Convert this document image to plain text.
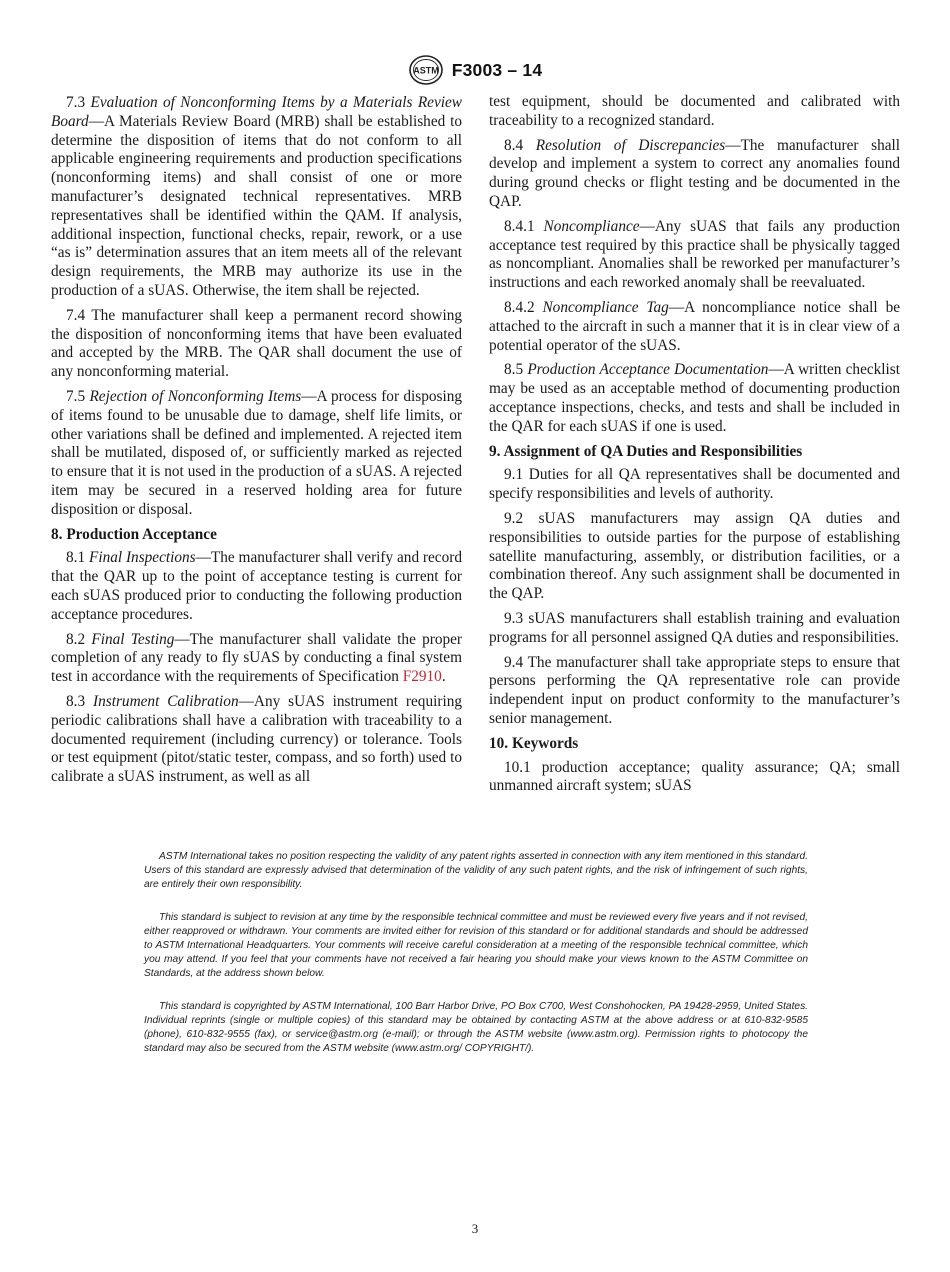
ASTM F3003 – 14

7.3 Evaluation of Nonconforming Items by a Materials Review Board—A Materials Review Board (MRB) shall be established to determine the disposition of items that do not conform to all applicable engineering requirements and production specifications (nonconforming items) and shall consist of one or more manufacturer’s designated technical representatives. MRB representatives shall be identified within the QAM. If analysis, additional inspection, functional checks, repair, rework, or a use “as is” determination assures that an item meets all of the relevant design requirements, the MRB may authorize its use in the production of a sUAS. Otherwise, the item shall be rejected.

7.4 The manufacturer shall keep a permanent record showing the disposition of nonconforming items that have been evaluated and accepted by the MRB. The QAR shall document the use of any nonconforming material.

7.5 Rejection of Nonconforming Items—A process for disposing of items found to be unusable due to damage, shelf life limits, or other variations shall be defined and implemented. A rejected item shall be mutilated, disposed of, or sufficiently marked as rejected to ensure that it is not used in the production of a sUAS. A rejected item may be secured in a reserved holding area for future disposition or disposal.

8. Production Acceptance

8.1 Final Inspections—The manufacturer shall verify and record that the QAR up to the point of acceptance testing is current for each sUAS produced prior to conducting the following production acceptance procedures.

8.2 Final Testing—The manufacturer shall validate the proper completion of any ready to fly sUAS by conducting a final system test in accordance with the requirements of Specification F2910.

8.3 Instrument Calibration—Any sUAS instrument requiring periodic calibrations shall have a calibration with traceability to a documented requirement (including currency) or tolerance. Tools or test equipment (pitot/static tester, compass, and so forth) used to calibrate a sUAS instrument, as well as all

test equipment, should be documented and calibrated with traceability to a recognized standard.

8.4 Resolution of Discrepancies—The manufacturer shall develop and implement a system to correct any anomalies found during ground checks or flight testing and be documented in the QAP.

8.4.1 Noncompliance—Any sUAS that fails any production acceptance test required by this practice shall be physically tagged as noncompliant. Anomalies shall be reworked per manufacturer’s instructions and each reworked anomaly shall be reevaluated.

8.4.2 Noncompliance Tag—A noncompliance notice shall be attached to the aircraft in such a manner that it is in clear view of a potential operator of the sUAS.

8.5 Production Acceptance Documentation—A written checklist may be used as an acceptable method of documenting production acceptance inspections, checks, and tests and shall be included in the QAR for each sUAS if one is used.

9. Assignment of QA Duties and Responsibilities

9.1 Duties for all QA representatives shall be documented and specify responsibilities and levels of authority.

9.2 sUAS manufacturers may assign QA duties and responsibilities to outside parties for the purpose of establishing satellite manufacturing, assembly, or distribution facilities, or a combination thereof. Any such assignment shall be documented in the QAP.

9.3 sUAS manufacturers shall establish training and evaluation programs for all personnel assigned QA duties and responsibilities.

9.4 The manufacturer shall take appropriate steps to ensure that persons performing the QA representative role can provide independent input on product conformity to the manufacturer’s senior management.

10. Keywords

10.1 production acceptance; quality assurance; QA; small unmanned aircraft system; sUAS

ASTM International takes no position respecting the validity of any patent rights asserted in connection with any item mentioned in this standard. Users of this standard are expressly advised that determination of the validity of any such patent rights, and the risk of infringement of such rights, are entirely their own responsibility.

This standard is subject to revision at any time by the responsible technical committee and must be reviewed every five years and if not revised, either reapproved or withdrawn. Your comments are invited either for revision of this standard or for additional standards and should be addressed to ASTM International Headquarters. Your comments will receive careful consideration at a meeting of the responsible technical committee, which you may attend. If you feel that your comments have not received a fair hearing you should make your views known to the ASTM Committee on Standards, at the address shown below.

This standard is copyrighted by ASTM International, 100 Barr Harbor Drive, PO Box C700, West Conshohocken, PA 19428-2959, United States. Individual reprints (single or multiple copies) of this standard may be obtained by contacting ASTM at the above address or at 610-832-9585 (phone), 610-832-9555 (fax), or service@astm.org (e-mail); or through the ASTM website (www.astm.org). Permission rights to photocopy the standard may also be secured from the ASTM website (www.astm.org/ COPYRIGHT/).

3
